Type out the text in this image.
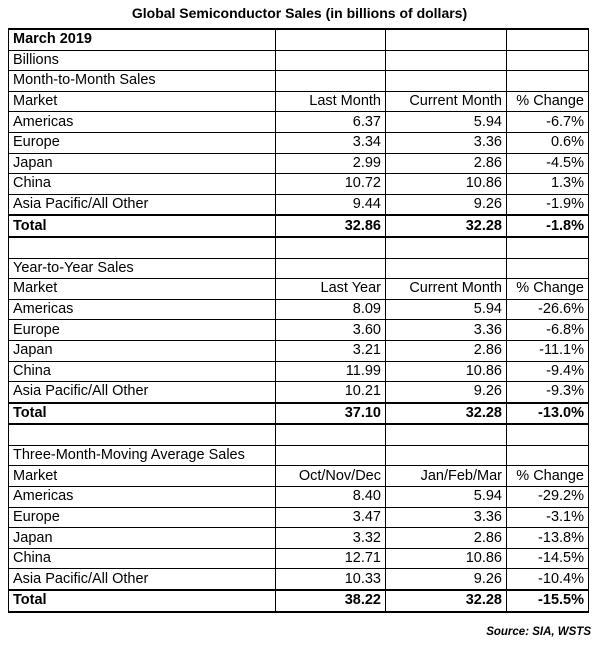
Global Semiconductor Sales (in billions of dollars)
March 2019			
Billions			
Month-to-Month Sales			
Market	Last Month	Current Month	% Change
Americas	6.37	5.94	-6.7%
Europe	3.34	3.36	0.6%
Japan	2.99	2.86	-4.5%
China	10.72	10.86	1.3%
Asia Pacific/All Other	9.44	9.26	-1.9%
Total	32.86	32.28	-1.8%

Year-to-Year Sales			
Market	Last Year	Current Month	% Change
Americas	8.09	5.94	-26.6%
Europe	3.60	3.36	-6.8%
Japan	3.21	2.86	-11.1%
China	11.99	10.86	-9.4%
Asia Pacific/All Other	10.21	9.26	-9.3%
Total	37.10	32.28	-13.0%

Three-Month-Moving Average Sales			
Market	Oct/Nov/Dec	Jan/Feb/Mar	% Change
Americas	8.40	5.94	-29.2%
Europe	3.47	3.36	-3.1%
Japan	3.32	2.86	-13.8%
China	12.71	10.86	-14.5%
Asia Pacific/All Other	10.33	9.26	-10.4%
Total	38.22	32.28	-15.5%
Source: SIA, WSTS
